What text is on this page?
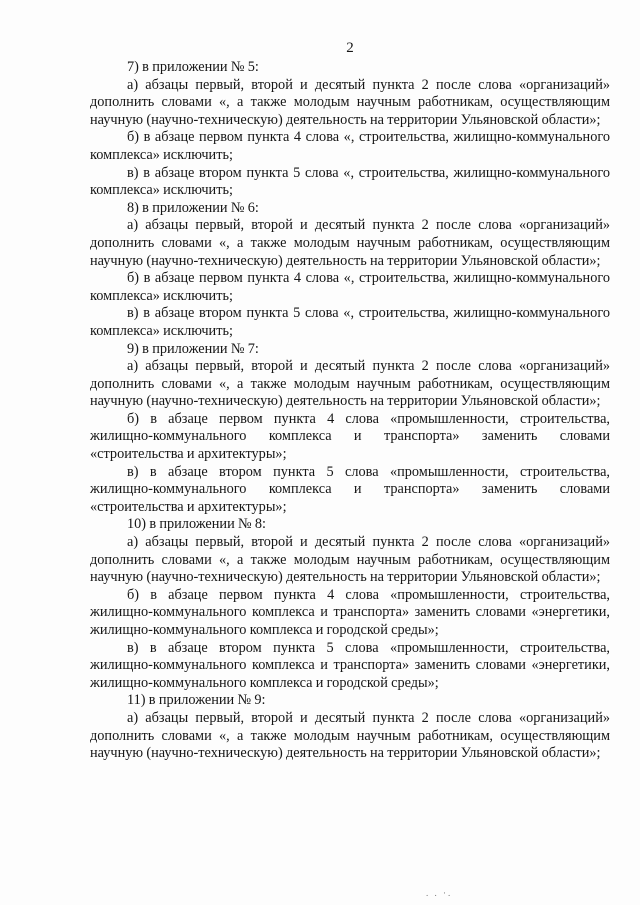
2

7) в приложении № 5:

а) абзацы первый, второй и десятый пункта 2 после слова «организаций» дополнить словами «, а также молодым научным работникам, осуществляющим научную (научно-техническую) деятельность на территории Ульяновской области»;

б) в абзаце первом пункта 4 слова «, строительства, жилищно-коммунального комплекса» исключить;

в) в абзаце втором пункта 5 слова «, строительства, жилищно-коммунального комплекса» исключить;

8) в приложении № 6:

а) абзацы первый, второй и десятый пункта 2 после слова «организаций» дополнить словами «, а также молодым научным работникам, осуществляющим научную (научно-техническую) деятельность на территории Ульяновской области»;

б) в абзаце первом пункта 4 слова «, строительства, жилищно-коммунального комплекса» исключить;

в) в абзаце втором пункта 5 слова «, строительства, жилищно-коммунального комплекса» исключить;

9) в приложении № 7:

а) абзацы первый, второй и десятый пункта 2 после слова «организаций» дополнить словами «, а также молодым научным работникам, осуществляющим научную (научно-техническую) деятельность на территории Ульяновской области»;

б) в абзаце первом пункта 4 слова «промышленности, строительства, жилищно-коммунального комплекса и транспорта» заменить словами «строительства и архитектуры»;

в) в абзаце втором пункта 5 слова «промышленности, строительства, жилищно-коммунального комплекса и транспорта» заменить словами «строительства и архитектуры»;

10) в приложении № 8:

а) абзацы первый, второй и десятый пункта 2 после слова «организаций» дополнить словами «, а также молодым научным работникам, осуществляющим научную (научно-техническую) деятельность на территории Ульяновской области»;

б) в абзаце первом пункта 4 слова «промышленности, строительства, жилищно-коммунального комплекса и транспорта» заменить словами «энергетики, жилищно-коммунального комплекса и городской среды»;

в) в абзаце втором пункта 5 слова «промышленности, строительства, жилищно-коммунального комплекса и транспорта» заменить словами «энергетики, жилищно-коммунального комплекса и городской среды»;

11) в приложении № 9:

а) абзацы первый, второй и десятый пункта 2 после слова «организаций» дополнить словами «, а также молодым научным работникам, осуществляющим научную (научно-техническую) деятельность на территории Ульяновской области»;

. . ·.
